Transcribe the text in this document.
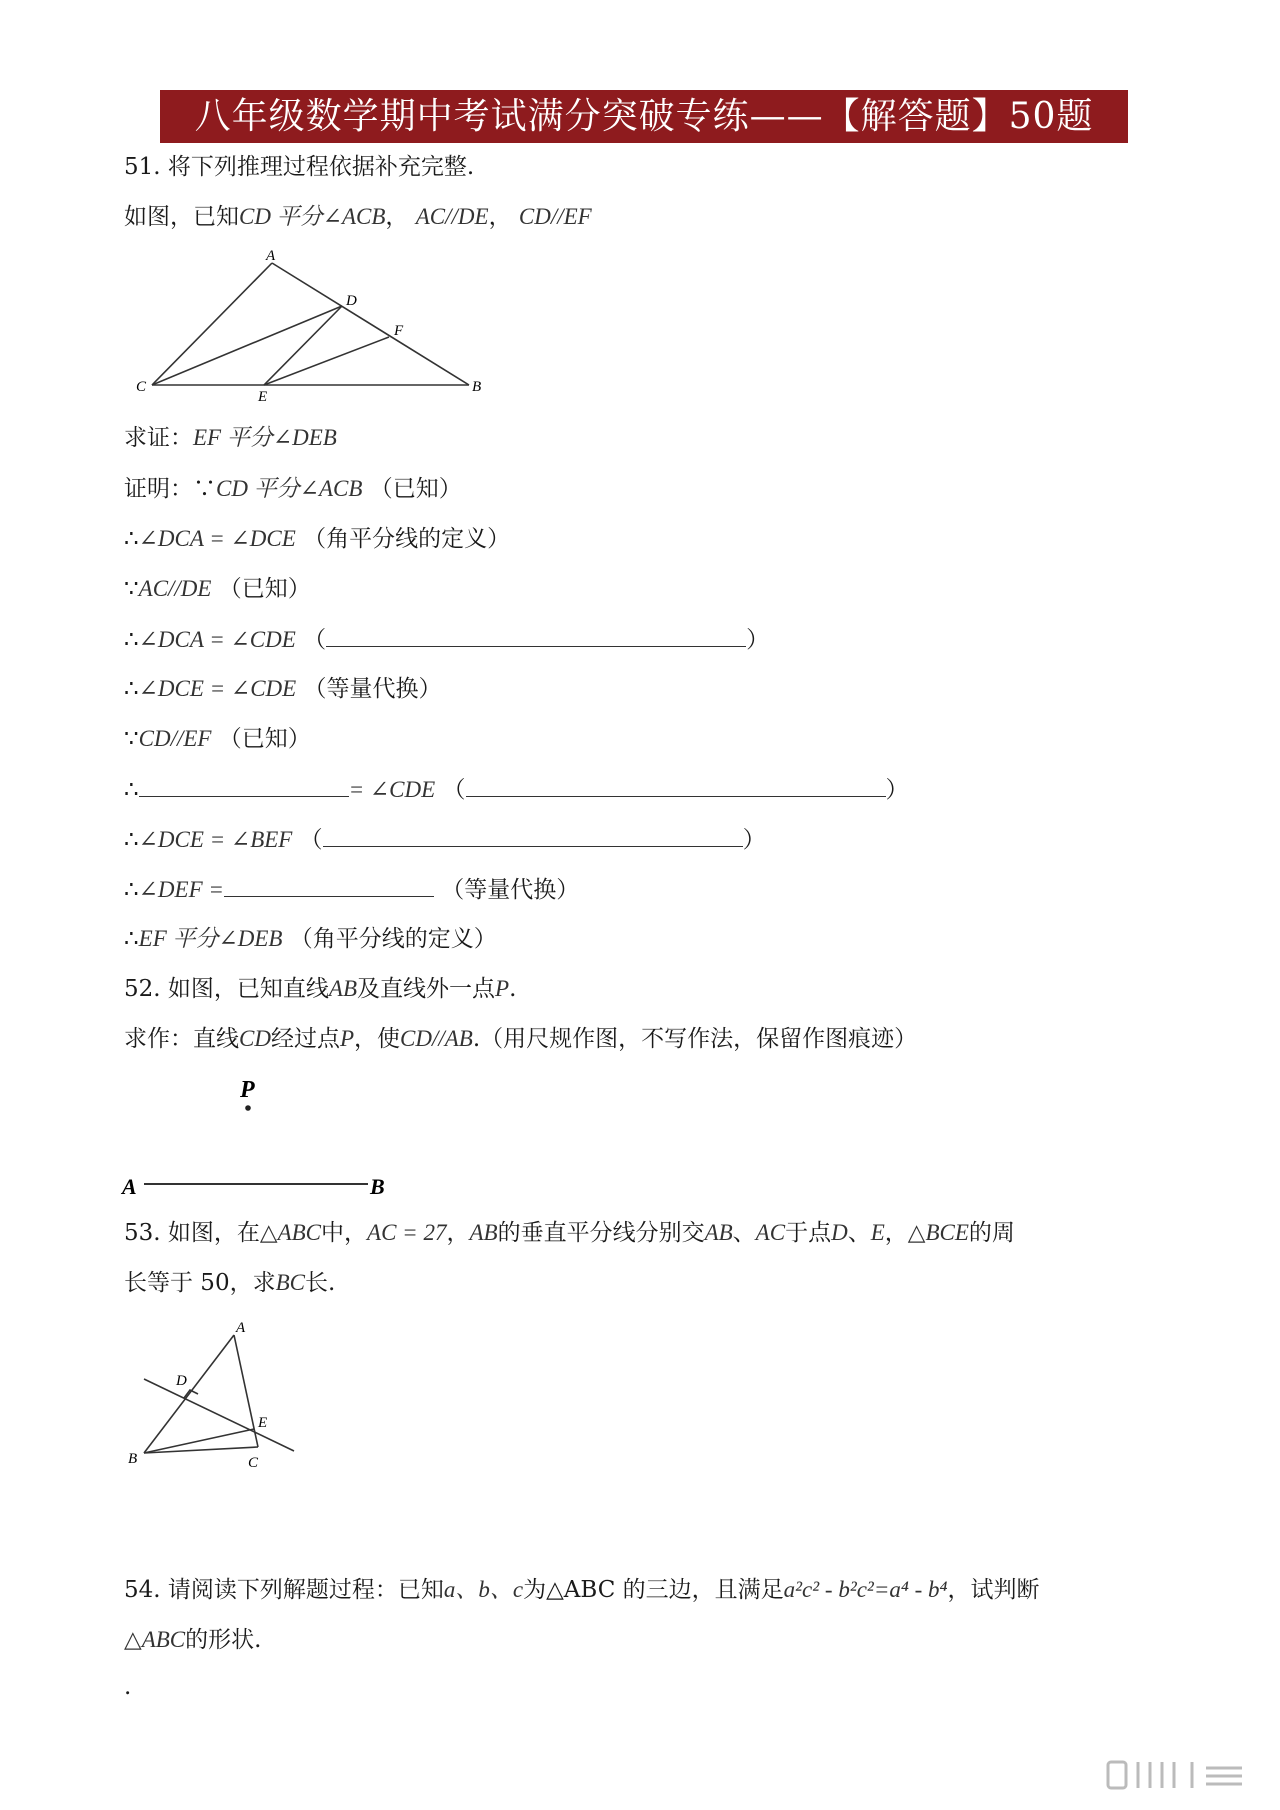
八年级数学期中考试满分突破专练——【解答题】50题
51. 将下列推理过程依据补充完整.
如图，已知CD 平分∠ACB， AC//DE， CD//EF
A
D
F
C
E
B
求证：EF 平分∠DEB
证明：∵CD 平分∠ACB （已知）
∴∠DCA = ∠DCE （角平分线的定义）
∵AC//DE （已知）
∴∠DCA = ∠CDE （	）
∴∠DCE = ∠CDE （等量代换）
∵CD//EF （已知）
∴	= ∠CDE （	）
∴∠DCE = ∠BEF （	）
∴∠DEF =	（等量代换）
∴EF 平分∠DEB （角平分线的定义）
52. 如图，已知直线AB及直线外一点P.
求作：直线CD经过点P，使CD//AB.（用尺规作图，不写作法，保留作图痕迹）
P
A	B
53. 如图，在△ABC中，AC = 27，AB的垂直平分线分别交AB、AC于点D、E，△BCE的周
长等于 50，求BC长.
A
D
E
B	C
54. 请阅读下列解题过程：已知a、b、c为△ABC 的三边，且满足a²c² - b²c²=a⁴ - b⁴，试判断
△ABC的形状.
.
